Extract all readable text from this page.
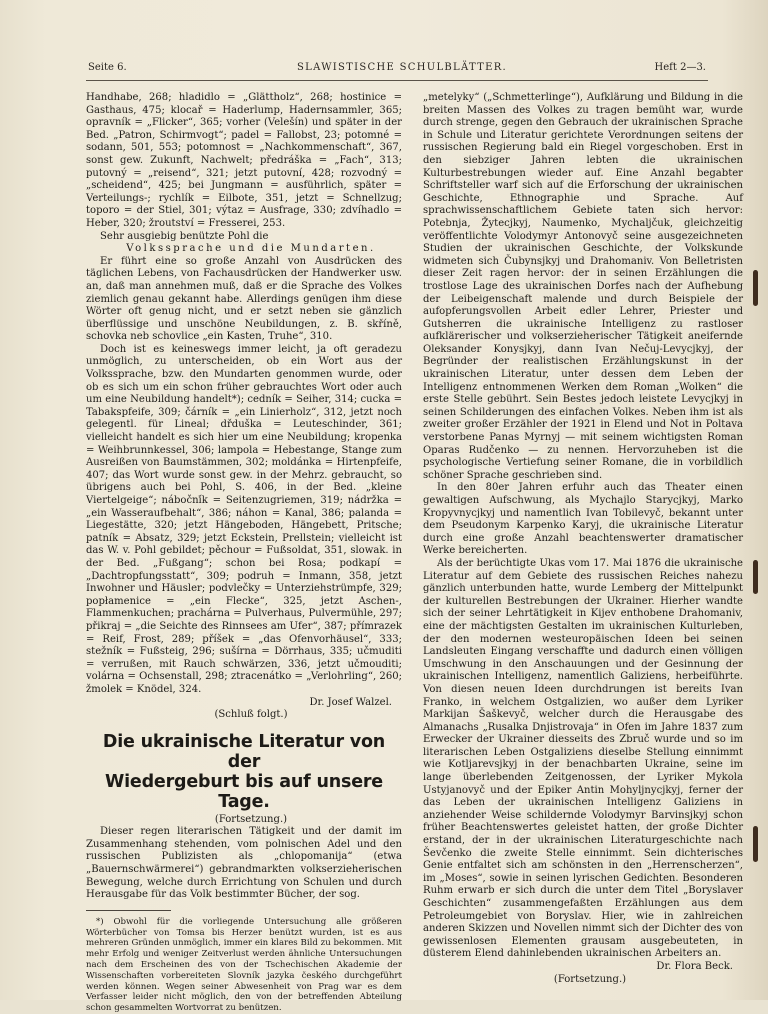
Seite 6.	SLAWISTISCHE SCHULBLÄTTER.	Heft 2—3.

Handhabe, 268; hladidlo = „Glättholz“, 268; hostinice = Gasthaus, 475; klocař = Haderlump, Hadernsammler, 365; opravník = „Flicker“, 365; vorher (Velešín) und später in der Bed. „Patron, Schirmvogt“; padel = Fallobst, 23; potomné = sodann, 501, 553; potomnost = „Nachkommenschaft“, 367, sonst gew. Zukunft, Nachwelt; předráška = „Fach“, 313; putovný = „reisend“, 321; jetzt putovní, 428; rozvodný = „scheidend“, 425; bei Jungmann = ausführlich, später = Verteilungs-; rychlík = Eilbote, 351, jetzt = Schnellzug; toporo = der Stiel, 301; výtaz = Ausfrage, 330; zdvíhadlo = Heber, 320; žroutství = Fresserei, 253.

Sehr ausgiebig benützte Pohl die

Volkssprache und die Mundarten.

Er führt eine so große Anzahl von Ausdrücken des täglichen Lebens, von Fachausdrücken der Handwerker usw. an, daß man annehmen muß, daß er die Sprache des Volkes ziemlich genau gekannt habe. Allerdings genügen ihm diese Wörter oft genug nicht, und er setzt neben sie gänzlich überflüssige und unschöne Neubildungen, z. B. skříně, schovka neb schovlice „ein Kasten, Truhe“, 310.

Doch ist es keineswegs immer leicht, ja oft geradezu unmöglich, zu unterscheiden, ob ein Wort aus der Volkssprache, bzw. den Mundarten genommen wurde, oder ob es sich um ein schon früher gebrauchtes Wort oder auch um eine Neubildung handelt*); cedník = Seiher, 314; cucka = Tabakspfeife, 309; čárník = „ein Linierholz“, 312, jetzt noch gelegentl. für Lineal; dřduška = Leuteschinder, 361; vielleicht handelt es sich hier um eine Neubildung; kropenka = Weihbrunnkessel, 306; lampola = Hebestange, Stange zum Ausreißen von Baumstämmen, 302; moldánka = Hirtenpfeife, 407; das Wort wurde sonst gew. in der Mehrz. gebraucht, so übrigens auch bei Pohl, S. 406, in der Bed. „kleine Viertelgeige“; náboční̇k = Seitenzugriemen, 319; nádržka = „ein Wasseraufbehalt“, 386; náhon = Kanal, 386; palanda = Liegestätte, 320; jetzt Hängeboden, Hängebett, Pritsche; patník = Absatz, 329; jetzt Eckstein, Prellstein; vielleicht ist das W. v. Pohl gebildet; pěchour = Fußsoldat, 351, slowak. in der Bed. „Fußgang“; schon bei Rosa; podkapí = „Dachtropfungsstatt“, 309; podruh = Inmann, 358, jetzt Inwohner und Häusler; podvlečky = Unterziehstrümpfe, 329; popłamenice = „ein Flecke“, 325, jetzt Aschen-, Flammenkuchen; prachárna = Pulverhaus, Pulvermühle, 297; přikraj = „die Seichte des Rinnsees am Ufer“, 387; přímrazek = Reif, Frost, 289; příšek = „das Ofenvorhäusel“, 333; stežník = Fußsteig, 296; sušírna = Dörrhaus, 335; učmuditi = verrußen, mit Rauch schwärzen, 336, jetzt učmouditi; volárna = Ochsenstall, 298; ztracenátko = „Verlohrling“, 260; žmolek = Knödel, 324.

Dr. Josef Walzel.

(Schluß folgt.)

Die ukrainische Literatur von der
Wiedergeburt bis auf unsere Tage.

(Fortsetzung.)

Dieser regen literarischen Tätigkeit und der damit im Zusammenhang stehenden, vom polnischen Adel und den russischen Publizisten als „chlopomanija“ (etwa „Bauernschwärmerei“) gebrandmarkten volkserzieherischen Bewegung, welche durch Errichtung von Schulen und durch Herausgabe für das Volk bestimmter Bücher, der sog.

*) Obwohl für die vorliegende Untersuchung alle größeren Wörterbücher von Tomsa bis Herzer benützt wurden, ist es aus mehreren Gründen unmöglich, immer ein klares Bild zu bekommen. Mit mehr Erfolg und weniger Zeitverlust werden ähnliche Untersuchungen nach dem Erscheinen des von der Tschechischen Akademie der Wissenschaften vorbereiteten Slovník jazyka českého durchgeführt werden können. Wegen seiner Abwesenheit von Prag war es dem Verfasser leider nicht möglich, den von der betreffenden Abteilung schon gesammelten Wortvorrat zu benützen.

„metelyky“ („Schmetterlinge“), Aufklärung und Bildung in die breiten Massen des Volkes zu tragen bemüht war, wurde durch strenge, gegen den Gebrauch der ukrainischen Sprache in Schule und Literatur gerichtete Verordnungen seitens der russischen Regierung bald ein Riegel vorgeschoben. Erst in den siebziger Jahren lebten die ukrainischen Kulturbestrebungen wieder auf. Eine Anzahl begabter Schriftsteller warf sich auf die Erforschung der ukrainischen Geschichte, Ethnographie und Sprache. Auf sprachwissenschaftlichem Gebiete taten sich hervor: Potebnja, Žytecjkyj, Naumenko, Mychaljčuk, gleichzeitig veröffentlichte Volodymyr Antonovyč seine ausgezeichneten Studien der ukrainischen Geschichte, der Volkskunde widmeten sich Čubynsjkyj und Drahomaniv. Von Belletristen dieser Zeit ragen hervor: der in seinen Erzählungen die trostlose Lage des ukrainischen Dorfes nach der Aufhebung der Leibeigenschaft malende und durch Beispiele der aufopferungsvollen Arbeit edler Lehrer, Priester und Gutsherren die ukrainische Intelligenz zu rastloser aufklärerischer und volkserzieherischer Tätigkeit aneifernde Oleksander Konysjkyj, dann Ivan Nečuj-Levycjkyj, der Begründer der realistischen Erzählungskunst in der ukrainischen Literatur, unter dessen dem Leben der Intelligenz entnommenen Werken dem Roman „Wolken“ die erste Stelle gebührt. Sein Bestes jedoch leistete Levycjkyj in seinen Schilderungen des einfachen Volkes. Neben ihm ist als zweiter großer Erzähler der 1921 in Elend und Not in Poltava verstorbene Panas Myrnyj — mit seinem wichtigsten Roman Oparas Rudčenko — zu nennen. Hervorzuheben ist die psychologische Vertiefung seiner Romane, die in vorbildlich schöner Sprache geschrieben sind.

In den 80er Jahren erfuhr auch das Theater einen gewaltigen Aufschwung, als Mychajlo Starycjkyj, Marko Kropyvnycjkyj und namentlich Ivan Tobilevyč, bekannt unter dem Pseudonym Karpenko Karyj, die ukrainische Literatur durch eine große Anzahl beachtenswerter dramatischer Werke bereicherten.

Als der berüchtigte Ukas vom 17. Mai 1876 die ukrainische Literatur auf dem Gebiete des russischen Reiches nahezu gänzlich unterbunden hatte, wurde Lemberg der Mittelpunkt der kulturellen Bestrebungen der Ukrainer. Hierher wandte sich der seiner Lehrtätigkeit in Kijev enthobene Drahomaniv, eine der mächtigsten Gestalten im ukrainischen Kulturleben, der den modernen westeuropäischen Ideen bei seinen Landsleuten Eingang verschaffte und dadurch einen völligen Umschwung in den Anschauungen und der Gesinnung der ukrainischen Intelligenz, namentlich Galiziens, herbeiführte. Von diesen neuen Ideen durchdrungen ist bereits Ivan Franko, in welchem Ostgalizien, wo außer dem Lyriker Markijan Šaškevyč, welcher durch die Herausgabe des Almanachs „Rusalka Dnjistrovaja“ in Ofen im Jahre 1837 zum Erwecker der Ukrainer diesseits des Zbruč wurde und so im literarischen Leben Ostgaliziens dieselbe Stellung einnimmt wie Kotljarevsjkyj in der benachbarten Ukraine, seine im lange überlebenden Zeitgenossen, der Lyriker Mykola Ustyjanovyč und der Epiker Antin Mohyljnycjkyj, ferner der das Leben der ukrainischen Intelligenz Galiziens in anziehender Weise schildernde Volodymyr Barvinsjkyj schon früher Beachtenswertes geleistet hatten, der große Dichter erstand, der in der ukrainischen Literaturgeschichte nach Ševčenko die zweite Stelle einnimmt. Sein dichterisches Genie entfaltet sich am schönsten in den „Herrenscherzen“, im „Moses“, sowie in seinen lyrischen Gedichten. Besonderen Ruhm erwarb er sich durch die unter dem Titel „Boryslaver Geschichten“ zusammengefaßten Erzählungen aus dem Petroleumgebiet von Boryslav. Hier, wie in zahlreichen anderen Skizzen und Novellen nimmt sich der Dichter des von gewissenlosen Elementen grausam ausgebeuteten, in düsterem Elend dahinlebenden ukrainischen Arbeiters an.

Dr. Flora Beck.

(Fortsetzung.)
